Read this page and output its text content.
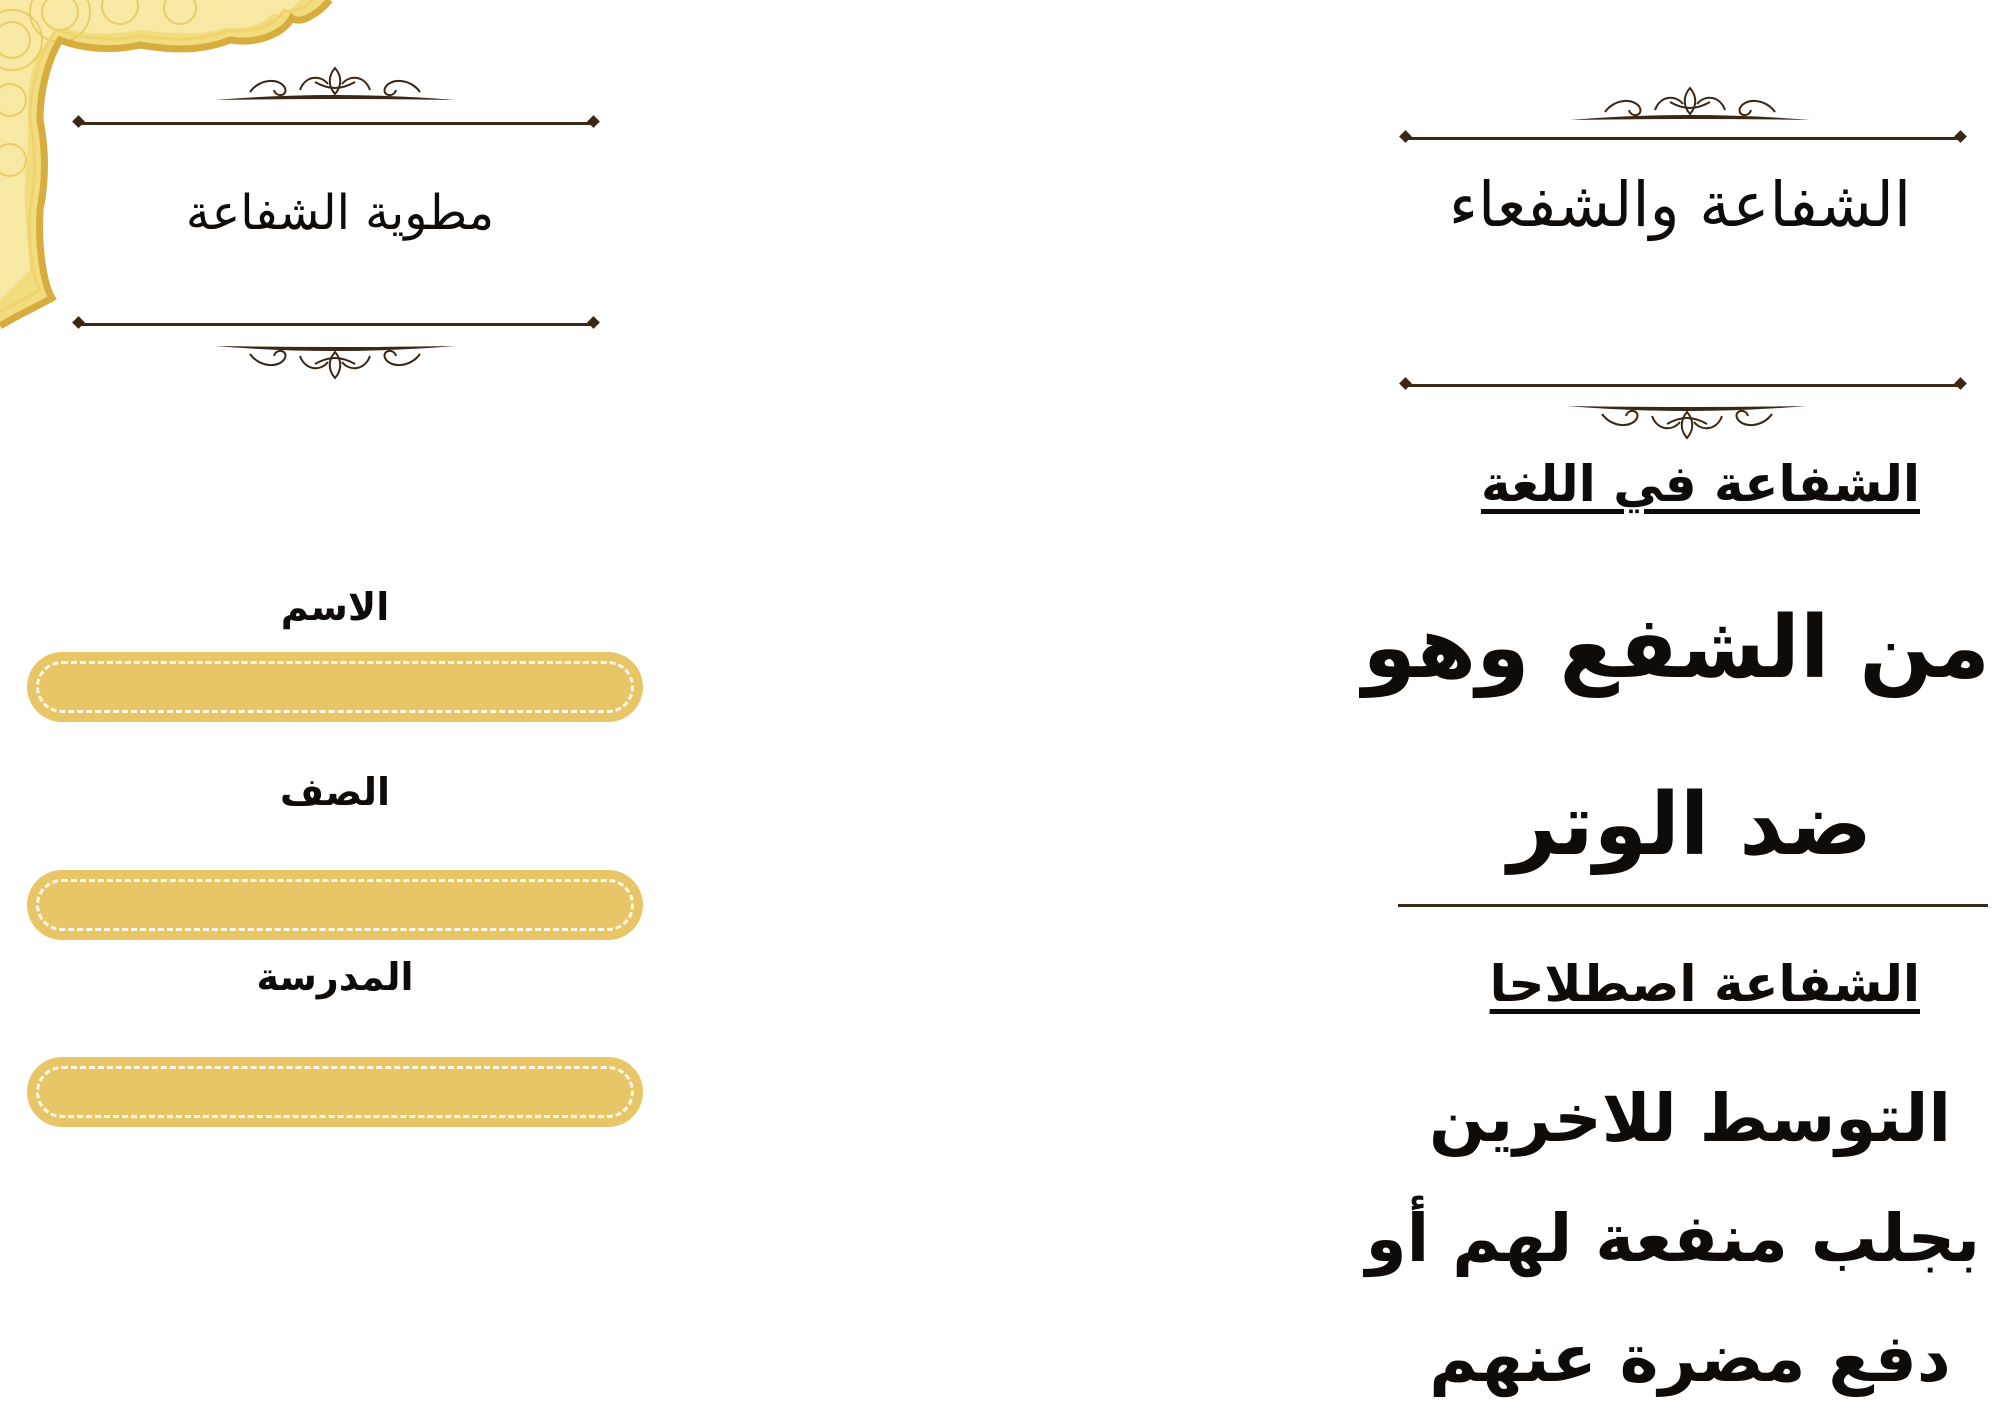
مطوية الشفاعة
الاسم
الصف
المدرسة
الشفاعة والشفعاء
الشفاعة في اللغة
من الشفع وهو
ضد الوتر
الشفاعة اصطلاحا
التوسط للاخرين
بجلب منفعة لهم أو
دفع مضرة عنهم
